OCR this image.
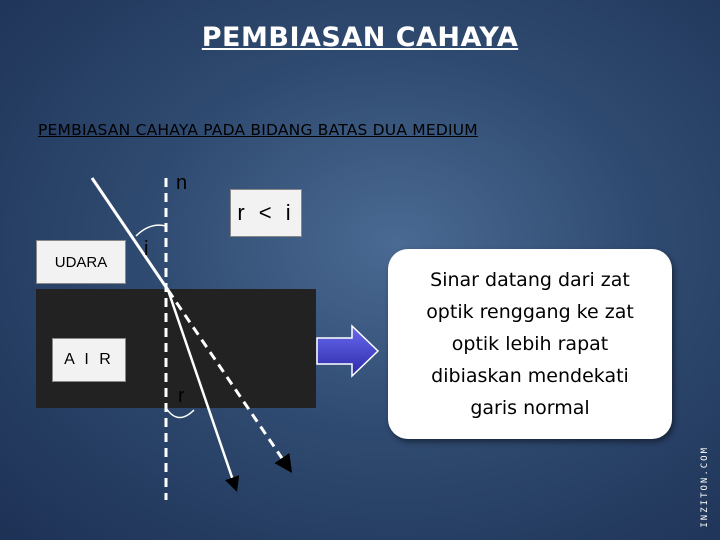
PEMBIASAN CAHAYA
PEMBIASAN CAHAYA PADA BIDANG BATAS DUA MEDIUM
UDARA
A I R
r < i
n
i
r
Sinar datang dari zat optik renggang ke zat optik lebih rapat dibiaskan mendekati garis normal
INZITON.COM
